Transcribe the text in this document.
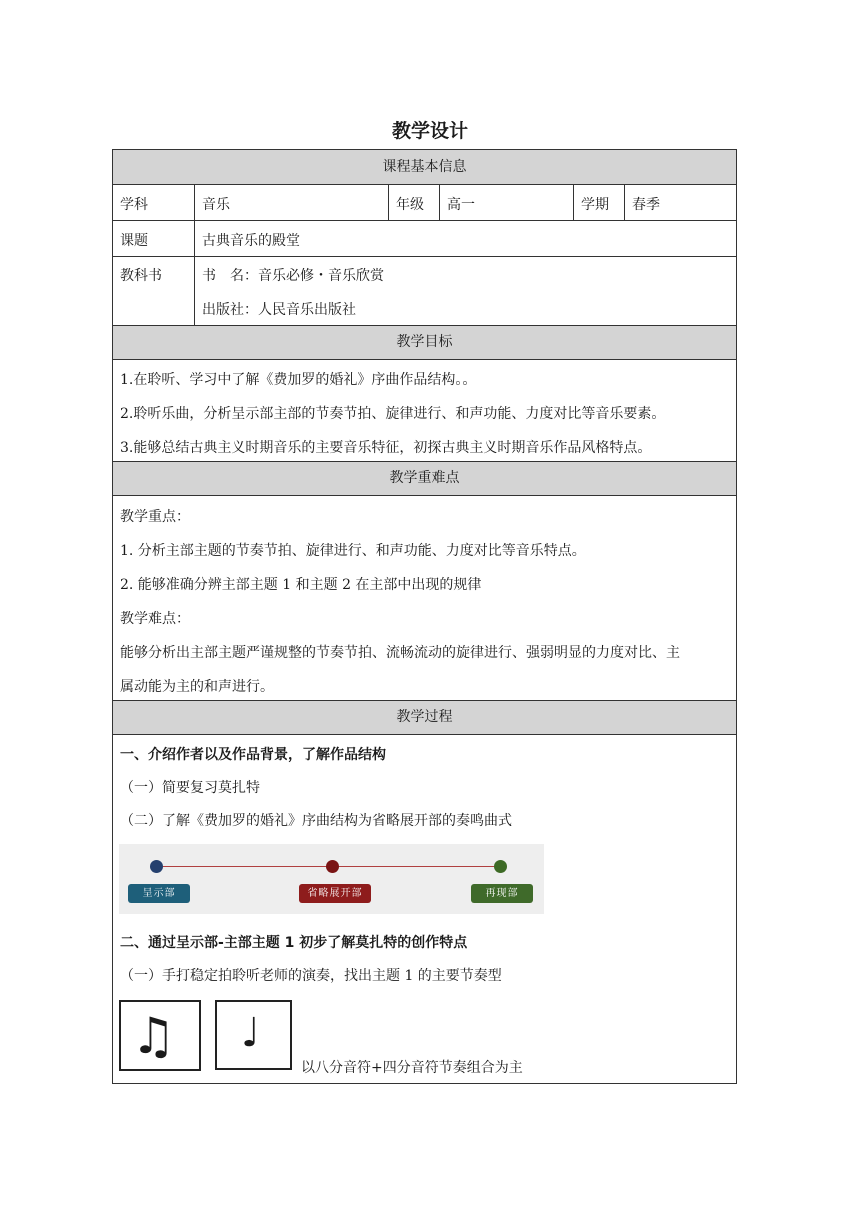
教学设计
课程基本信息
学科	音乐	年级 高一	学期 春季
课题	古典音乐的殿堂
教科书	书　名：音乐必修・音乐欣赏
出版社：人民音乐出版社
教学目标
1.在聆听、学习中了解《费加罗的婚礼》序曲作品结构。。
2.聆听乐曲，分析呈示部主部的节奏节拍、旋律进行、和声功能、力度对比等音乐要素。
3.能够总结古典主义时期音乐的主要音乐特征，初探古典主义时期音乐作品风格特点。
教学重难点
教学重点：
1. 分析主部主题的节奏节拍、旋律进行、和声功能、力度对比等音乐特点。
2. 能够准确分辨主部主题 1 和主题 2 在主部中出现的规律
教学难点：
能够分析出主部主题严谨规整的节奏节拍、流畅流动的旋律进行、强弱明显的力度对比、主
属动能为主的和声进行。
教学过程
一、介绍作者以及作品背景，了解作品结构
（一）简要复习莫扎特
（二）了解《费加罗的婚礼》序曲结构为省略展开部的奏鸣曲式
呈示部	省略展开部	再现部
二、通过呈示部-主部主题 1 初步了解莫扎特的创作特点
（一）手打稳定拍聆听老师的演奏，找出主题 1 的主要节奏型
♫ ♩
以八分音符+四分音符节奏组合为主
